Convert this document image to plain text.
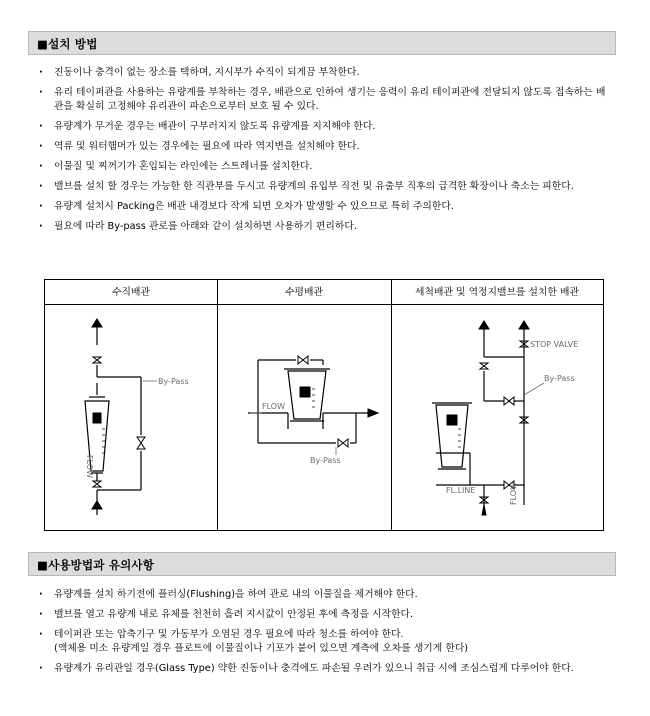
■설치 방법
· 진동이나 충격이 없는 장소를 택하며, 지시부가 수직이 되게끔 부착한다.
· 유리 테이퍼관을 사용하는 유량계를 부착하는 경우, 배관으로 인하여 생기는 응력이 유리 테이퍼관에 전달되지 않도록 접속하는 배관을 확실히 고정해야 유리관이 파손으로부터 보호 될 수 있다.
· 유량계가 무거운 경우는 배관이 구부러지지 않도록 유량계를 지지해야 한다.
· 역류 및 워터햄머가 있는 경우에는 필요에 따라 역지변을 설치해야 한다.
· 이물질 및 찌꺼기가 혼입되는 라인에는 스트레너를 설치한다.
· 밸브를 설치 할 경우는 가능한 한 직관부를 두시고 유량계의 유입부 직전 및 유출부 직후의 급격한 확장이나 축소는 피한다.
· 유량계 설치시 Packing은 배관 내경보다 작게 되면 오차가 발생할 수 있으므로 특히 주의한다.
· 필요에 따라 By-pass 관로를 아래와 같이 설치하면 사용하기 편리하다.
수직배관	수평배관	세척배관 및 역정지밸브를 설치한 배관
By-Pass
FLOW
FLOW
By-Pass
STOP VALVE
By-Pass
FL.LINE	FLOW
■사용방법과 유의사항
· 유량계를 설치 하기전에 플러싱(Flushing)을 하여 관로 내의 이물질을 제거해야 한다.
· 밸브를 열고 유량계 내로 유체를 천천히 흘려 지시값이 안정된 후에 측정을 시작한다.
· 테이퍼관 또는 압축기구 및 가동부가 오염된 경우 필요에 따라 청소를 하여야 한다.
(액체용 미소 유량계일 경우 플로트에 이물질이나 기포가 붙어 있으면 계측에 오차를 생기게 한다)
· 유량계가 유리관일 경우(Glass Type) 약한 진동이나 충격에도 파손될 우려가 있으니 취급 시에 조심스럽게 다루어야 한다.
